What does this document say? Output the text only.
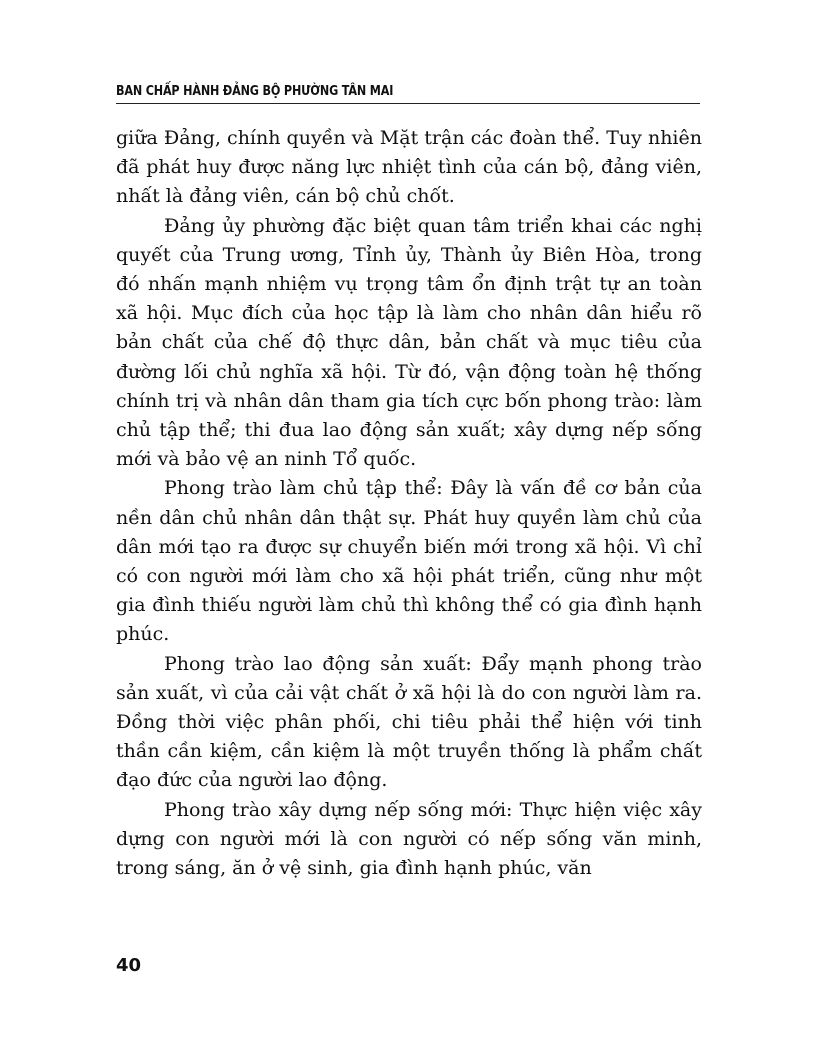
BAN CHẤP HÀNH ĐẢNG BỘ PHƯỜNG TÂN MAI

giữa Đảng, chính quyền và Mặt trận các đoàn thể. Tuy nhiên đã phát huy được năng lực nhiệt tình của cán bộ, đảng viên, nhất là đảng viên, cán bộ chủ chốt.

Đảng ủy phường đặc biệt quan tâm triển khai các nghị quyết của Trung ương, Tỉnh ủy, Thành ủy Biên Hòa, trong đó nhấn mạnh nhiệm vụ trọng tâm ổn định trật tự an toàn xã hội. Mục đích của học tập là làm cho nhân dân hiểu rõ bản chất của chế độ thực dân, bản chất và mục tiêu của đường lối chủ nghĩa xã hội. Từ đó, vận động toàn hệ thống chính trị và nhân dân tham gia tích cực bốn phong trào: làm chủ tập thể; thi đua lao động sản xuất; xây dựng nếp sống mới và bảo vệ an ninh Tổ quốc.

Phong trào làm chủ tập thể: Đây là vấn đề cơ bản của nền dân chủ nhân dân thật sự. Phát huy quyền làm chủ của dân mới tạo ra được sự chuyển biến mới trong xã hội. Vì chỉ có con người mới làm cho xã hội phát triển, cũng như một gia đình thiếu người làm chủ thì không thể có gia đình hạnh phúc.

Phong trào lao động sản xuất: Đẩy mạnh phong trào sản xuất, vì của cải vật chất ở xã hội là do con người làm ra. Đồng thời việc phân phối, chi tiêu phải thể hiện với tinh thần cần kiệm, cần kiệm là một truyền thống là phẩm chất đạo đức của người lao động.

Phong trào xây dựng nếp sống mới: Thực hiện việc xây dựng con người mới là con người có nếp sống văn minh, trong sáng, ăn ở vệ sinh, gia đình hạnh phúc, văn

40
